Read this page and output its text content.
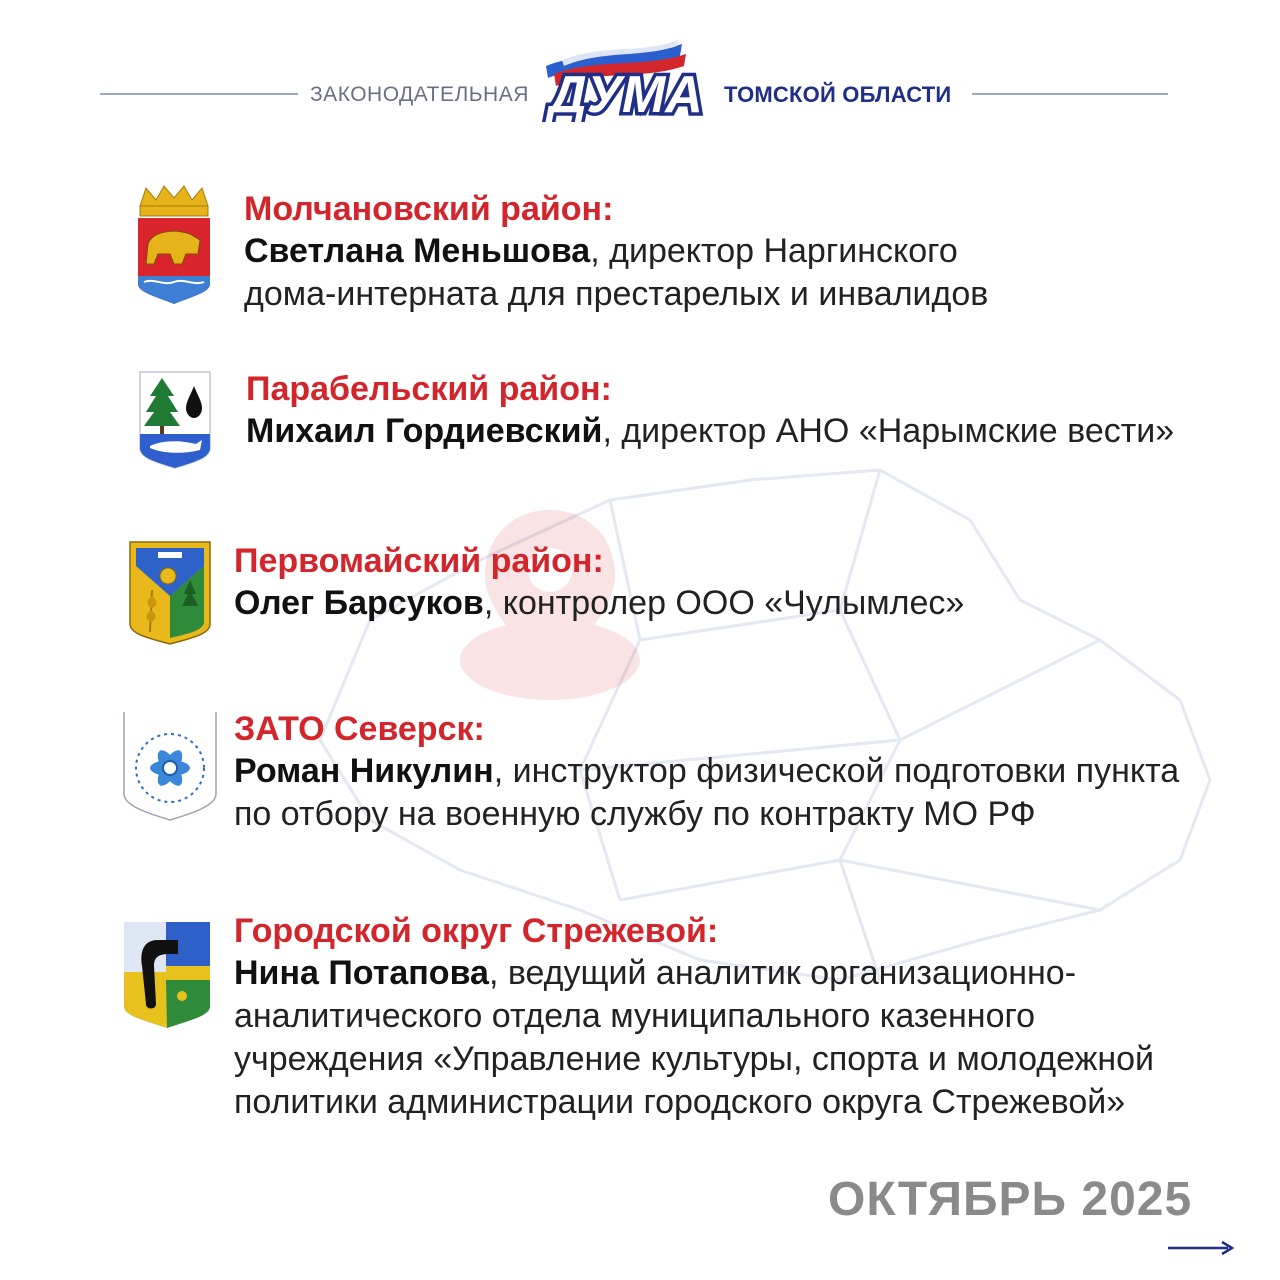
ЗАКОНОДАТЕЛЬНАЯ ДУМА ТОМСКОЙ ОБЛАСТИ
Молчановский район:
Светлана Меньшова, директор Наргинского
дома-интерната для престарелых и инвалидов
Парабельский район:
Михаил Гордиевский, директор АНО «Нарымские вести»
Первомайский район:
Олег Барсуков, контролер ООО «Чулымлес»
ЗАТО Северск:
Роман Никулин, инструктор физической подготовки пункта
по отбору на военную службу по контракту МО РФ
Городской округ Стрежевой:
Нина Потапова, ведущий аналитик организационно-
аналитического отдела муниципального казенного
учреждения «Управление культуры, спорта и молодежной
политики администрации городского округа Стрежевой»
ОКТЯБРЬ 2025
